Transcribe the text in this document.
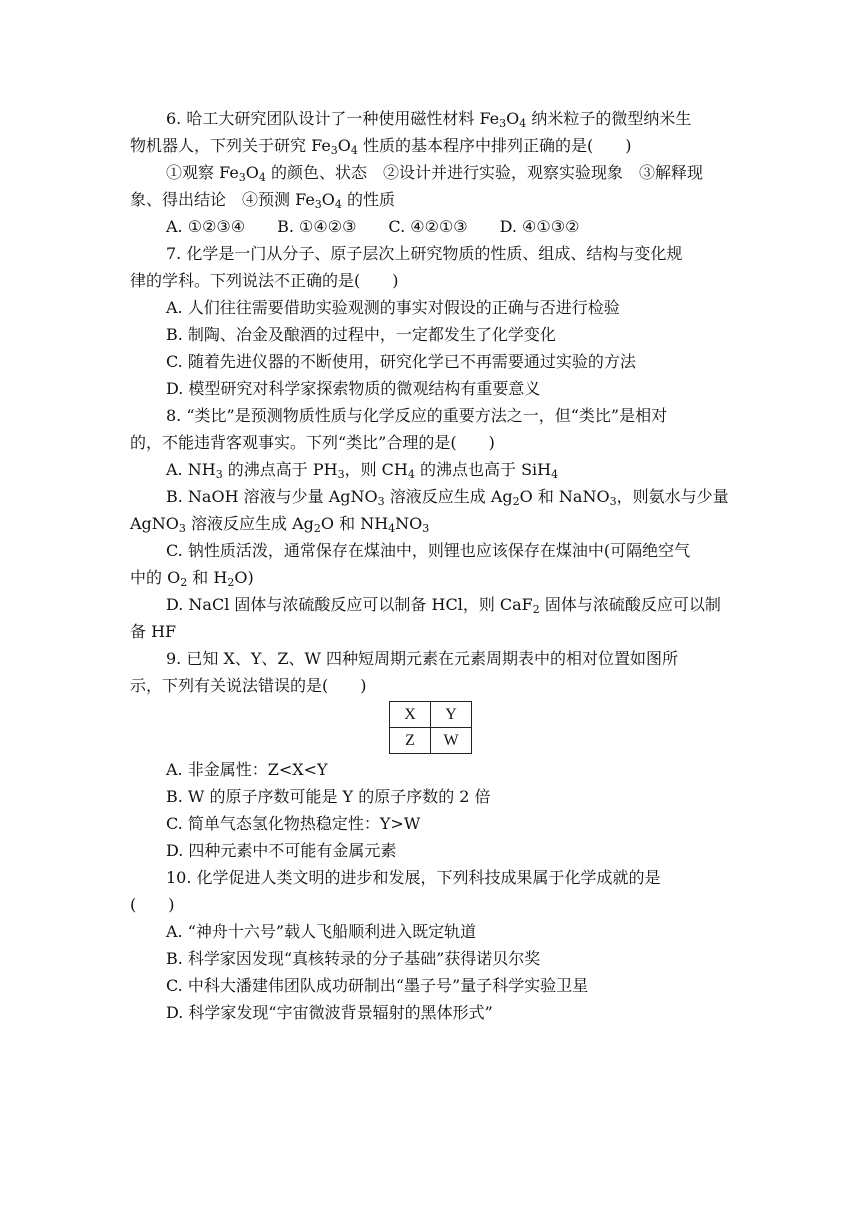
6. 哈工大研究团队设计了一种使用磁性材料 $Fe_3O_4$ 纳米粒子的微型纳米生
物机器人，下列关于研究 $Fe_3O_4$ 性质的基本程序中排列正确的是(　　)
①观察 $Fe_3O_4$ 的颜色、状态　②设计并进行实验，观察实验现象　③解释现
象、得出结论　④预测 $Fe_3O_4$ 的性质
A. ①②③④　　B. ①④②③　　C. ④②①③　　D. ④①③②
7. 化学是一门从分子、原子层次上研究物质的性质、组成、结构与变化规
律的学科。下列说法不正确的是(　　)
A. 人们往往需要借助实验观测的事实对假设的正确与否进行检验
B. 制陶、冶金及酿酒的过程中，一定都发生了化学变化
C. 随着先进仪器的不断使用，研究化学已不再需要通过实验的方法
D. 模型研究对科学家探索物质的微观结构有重要意义
8. “类比”是预测物质性质与化学反应的重要方法之一，但“类比”是相对
的，不能违背客观事实。下列“类比”合理的是(　　)
A. $NH_3$ 的沸点高于 $PH_3$，则 $CH_4$ 的沸点也高于 SiH$_4$
B. NaOH 溶液与少量 AgNO$_3$ 溶液反应生成 $Ag_2O$ 和 NaNO$_3$，则氨水与少量
AgNO$_3$ 溶液反应生成 $Ag_2O$ 和 $NH_4NO_3$
C. 钠性质活泼，通常保存在煤油中，则锂也应该保存在煤油中(可隔绝空气
中的 $O_2$ 和 $H_2O$)
D. NaCl 固体与浓硫酸反应可以制备 HCl，则 CaF$_2$ 固体与浓硫酸反应可以制
备 HF
9. 已知 X、Y、Z、W 四种短周期元素在元素周期表中的相对位置如图所
示，下列有关说法错误的是(　　)
A. 非金属性：Z<X<Y
B. W 的原子序数可能是 Y 的原子序数的 2 倍
C. 简单气态氢化物热稳定性：Y>W
D. 四种元素中不可能有金属元素
10. 化学促进人类文明的进步和发展，下列科技成果属于化学成就的是
(　　)
A. “神舟十六号”载人飞船顺利进入既定轨道
B. 科学家因发现“真核转录的分子基础”获得诺贝尔奖
C. 中科大潘建伟团队成功研制出“墨子号”量子科学实验卫星
D. 科学家发现“宇宙微波背景辐射的黑体形式”
X	Y
Z	W
